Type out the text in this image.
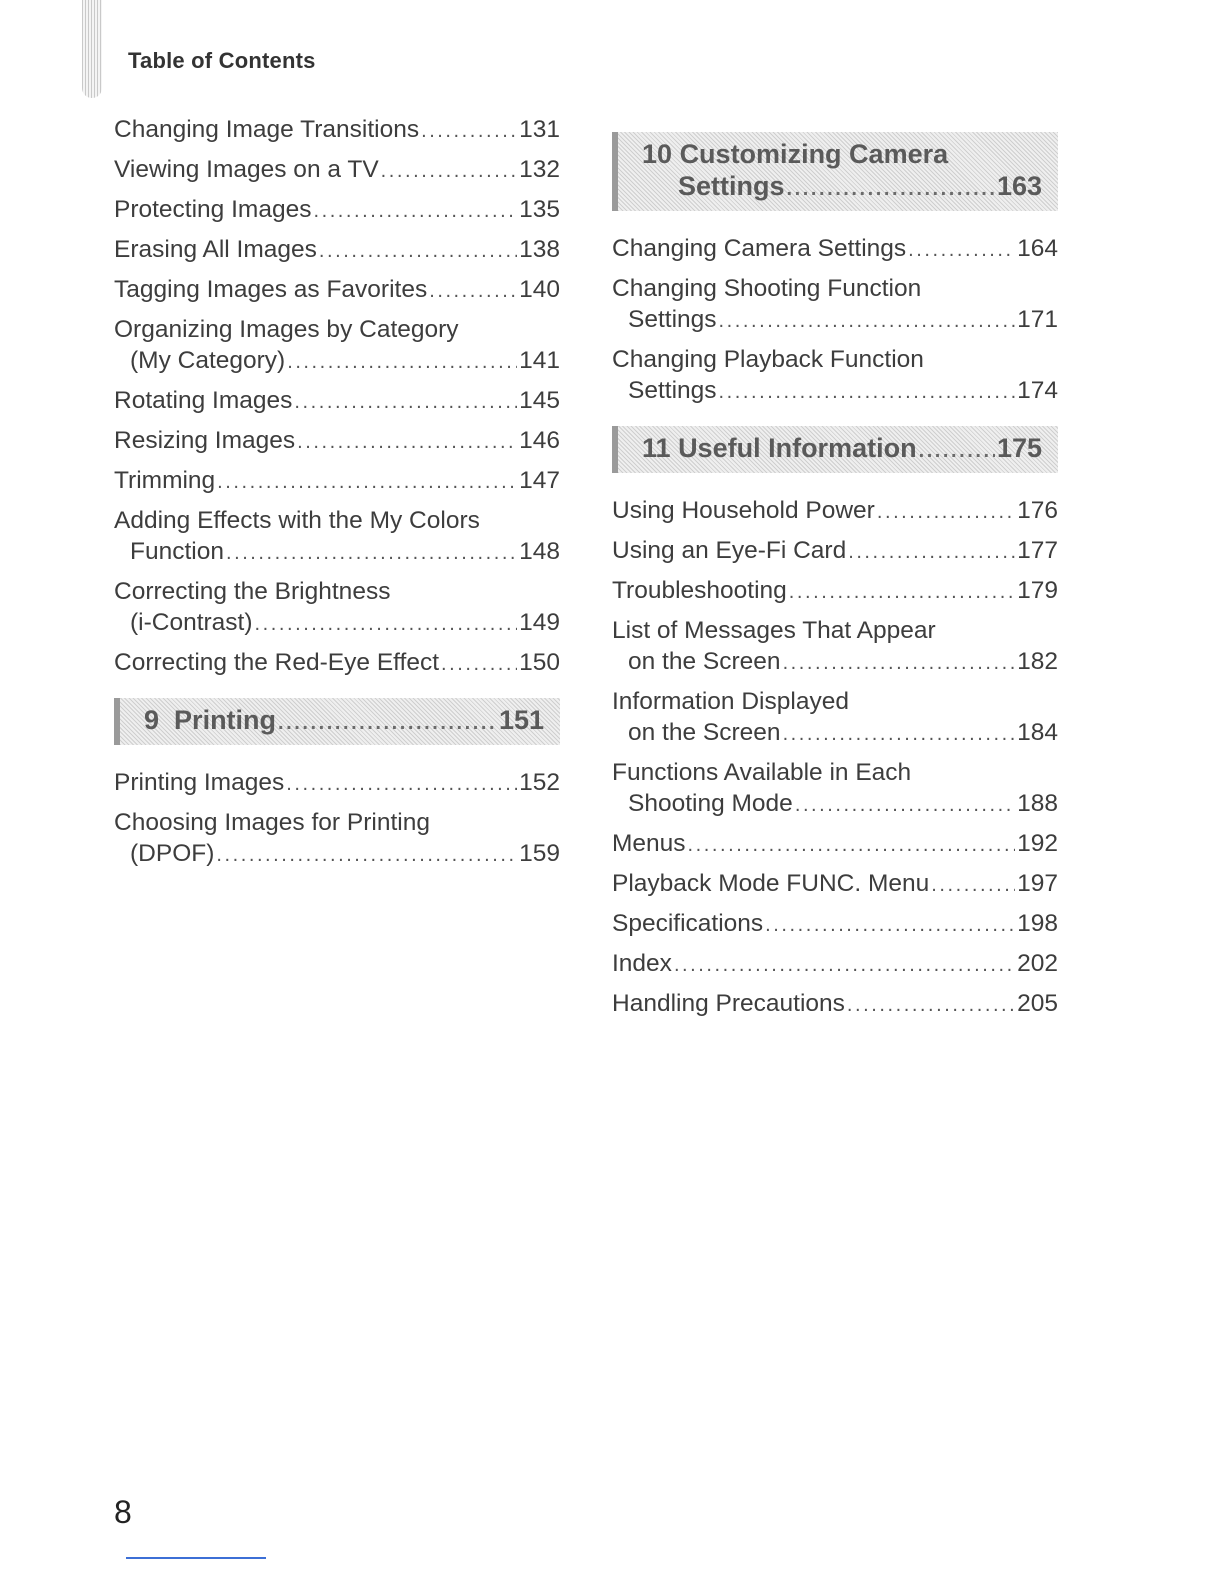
Table of Contents
Changing Image Transitions . . .	131
Viewing Images on a TV . . .	132
Protecting Images . . .	135
Erasing All Images . . .	138
Tagging Images as Favorites . . .	140
Organizing Images by Category
(My Category) . . .	141
Rotating Images . . .	145
Resizing Images . . .	146
Trimming . . .	147
Adding Effects with the My Colors
Function . . .	148
Correcting the Brightness
(i-Contrast) . . .	149
Correcting the Red-Eye Effect . . .	150
9
Printing . . .	151
Printing Images . . .	152
Choosing Images for Printing
(DPOF) . . .	159
10
Customizing Camera
Settings . . .	163
Changing Camera Settings . . .	164
Changing Shooting Function
Settings . . .	171
Changing Playback Function
Settings . . .	174
11
Useful Information . . .	175
Using Household Power . . .	176
Using an Eye-Fi Card . . .	177
Troubleshooting . . .	179
List of Messages That Appear
on the Screen . . .	182
Information Displayed
on the Screen . . .	184
Functions Available in Each
Shooting Mode . . .	188
Menus . . .	192
Playback Mode FUNC. Menu . . .	197
Specifications . . .	198
Index . . .	202
Handling Precautions . . .	205
8
